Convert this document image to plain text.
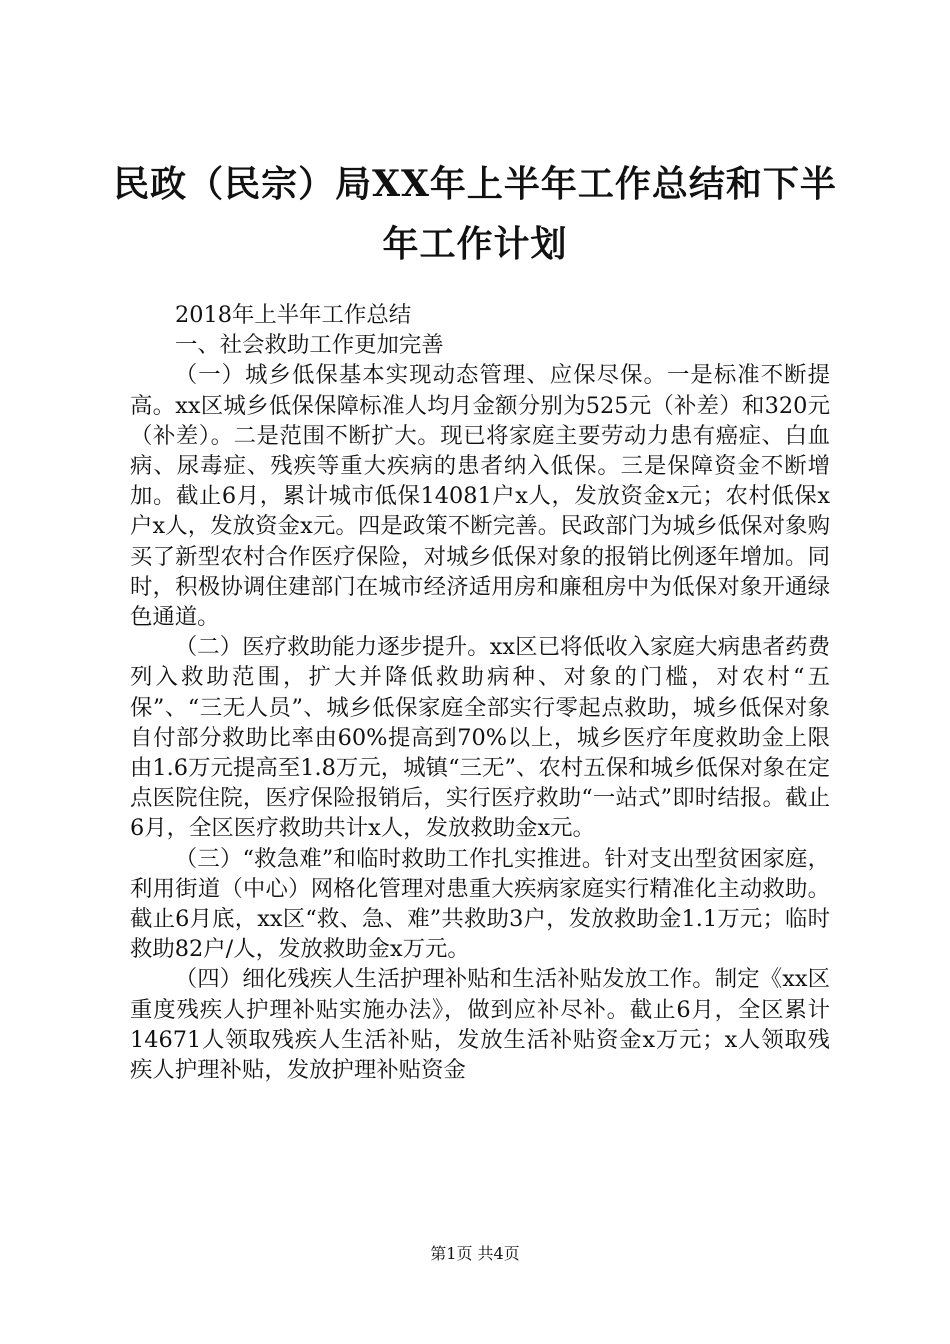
民政（民宗）局XX年上半年工作总结和下半
年工作计划

2018年上半年工作总结

一、社会救助工作更加完善

（一）城乡低保基本实现动态管理、应保尽保。一是标准不断提高。xx区城乡低保保障标准人均月金额分别为525元（补差）和320元（补差）。二是范围不断扩大。现已将家庭主要劳动力患有癌症、白血病、尿毒症、残疾等重大疾病的患者纳入低保。三是保障资金不断增加。截止6月，累计城市低保14081户x人，发放资金x元；农村低保x户x人，发放资金x元。四是政策不断完善。民政部门为城乡低保对象购买了新型农村合作医疗保险，对城乡低保对象的报销比例逐年增加。同时，积极协调住建部门在城市经济适用房和廉租房中为低保对象开通绿色通道。

（二）医疗救助能力逐步提升。xx区已将低收入家庭大病患者药费列入救助范围，扩大并降低救助病种、对象的门槛，对农村“五保”、“三无人员”、城乡低保家庭全部实行零起点救助，城乡低保对象自付部分救助比率由60%提高到70%以上，城乡医疗年度救助金上限由1.6万元提高至1.8万元，城镇“三无”、农村五保和城乡低保对象在定点医院住院，医疗保险报销后，实行医疗救助“一站式”即时结报。截止6月，全区医疗救助共计x人，发放救助金x元。

（三）“救急难”和临时救助工作扎实推进。针对支出型贫困家庭，利用街道（中心）网格化管理对患重大疾病家庭实行精准化主动救助。截止6月底，xx区“救、急、难”共救助3户，发放救助金1.1万元；临时救助82户/人，发放救助金x万元。

（四）细化残疾人生活护理补贴和生活补贴发放工作。制定《xx区重度残疾人护理补贴实施办法》，做到应补尽补。截止6月，全区累计14671人领取残疾人生活补贴，发放生活补贴资金x万元；x人领取残疾人护理补贴，发放护理补贴资金

第1页 共4页
